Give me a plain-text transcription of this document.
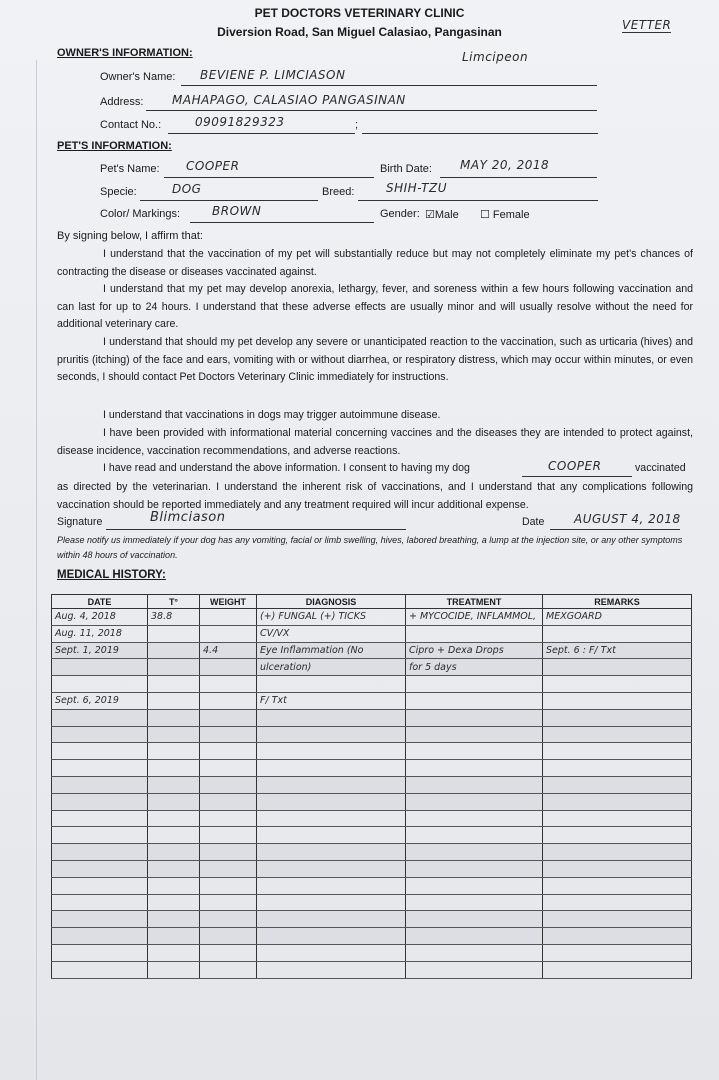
PET DOCTORS VETERINARY CLINIC
Diversion Road, San Miguel Calasiao, Pangasinan	VETTER
OWNER'S INFORMATION:	Limcipeon
Owner's Name: BEVIENE P. LIMCIASON
Address: MAHAPAGO, CALASIAO PANGASINAN
Contact No.:	09091829323	;
PET'S INFORMATION:
Pet's Name: COOPER	Birth Date: MAY 20, 2018
Specie:	DOG	Breed:	SHIH-TZU
Color/ Markings:	BROWN	Gender: ☑Male ☐ Female
By signing below, I affirm that:
I understand that the vaccination of my pet will substantially reduce but may not completely eliminate my pet's chances of contracting the disease or diseases vaccinated against.
I understand that my pet may develop anorexia, lethargy, fever, and soreness within a few hours following vaccination and can last for up to 24 hours. I understand that these adverse effects are usually minor and will usually resolve without the need for additional veterinary care.
I understand that should my pet develop any severe or unanticipated reaction to the vaccination, such as urticaria (hives) and pruritis (itching) of the face and ears, vomiting with or without diarrhea, or respiratory distress, which may occur within minutes, or even seconds, I should contact Pet Doctors Veterinary Clinic immediately for instructions.
I understand that vaccinations in dogs may trigger autoimmune disease.
I have been provided with informational material concerning vaccines and the diseases they are intended to protect against, disease incidence, vaccination recommendations, and adverse reactions.
I have read and understand the above information. I consent to having my dog	COOPER	vaccinated
as directed by the veterinarian. I understand the inherent risk of vaccinations, and I understand that any complications following vaccination should be reported immediately and any treatment required will incur additional expense.
Signature	Blimciason	Date AUGUST 4, 2018
Please notify us immediately if your dog has any vomiting, facial or limb swelling, hives, labored breathing, a lump at the injection site, or any other symptoms within 48 hours of vaccination.
MEDICAL HISTORY:
DATE	T°	WEIGHT	DIAGNOSIS	TREATMENT	REMARKS
Aug. 4, 2018	38.8		(+) FUNGAL (+) TICKS	+ MYCOCIDE, INFLAMMOL,	MEXGOARD
Aug. 11, 2018			CV/VX		
Sept. 1, 2019		4.4	Eye Inflammation (No	Cipro + Dexa Drops	Sept. 6 : F/ Txt
			ulceration)	for 5 days	

Sept. 6, 2019			F/ Txt		
